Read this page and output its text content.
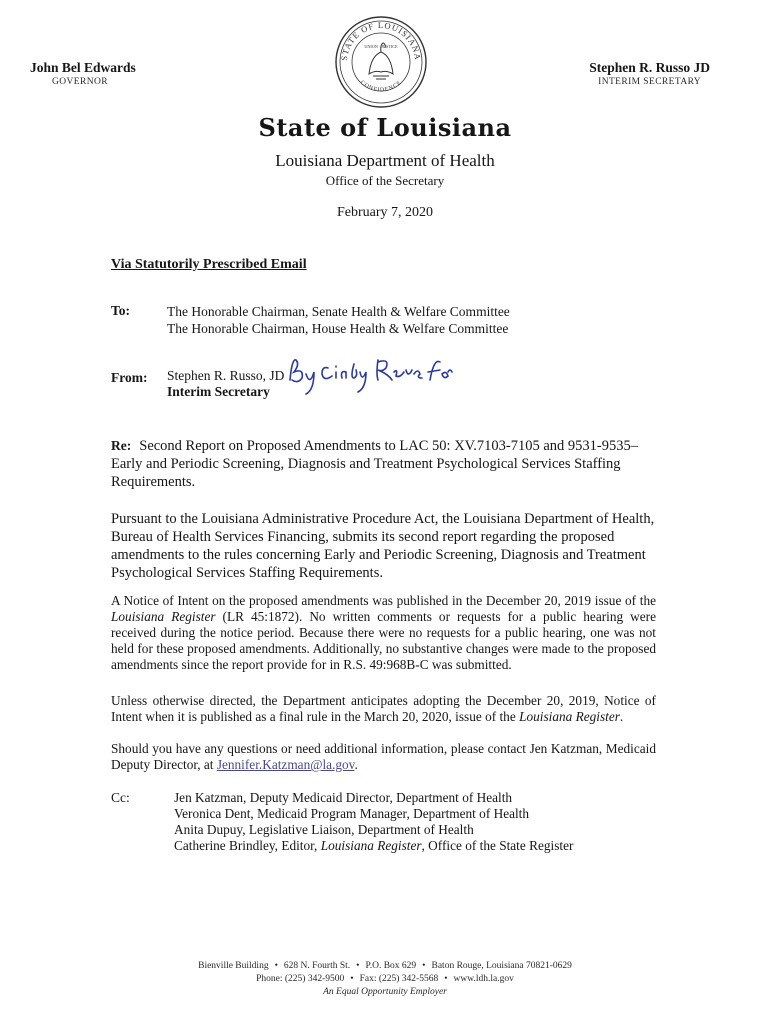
John Bel Edwards
GOVERNOR
STATE OF LOUISIANA
CONFIDENCE
UNION · JUSTICE
Stephen R. Russo JD
INTERIM SECRETARY
State of Louisiana
Louisiana Department of Health
Office of the Secretary
February 7, 2020
Via Statutorily Prescribed Email
To:	The Honorable Chairman, Senate Health & Welfare Committee
The Honorable Chairman, House Health & Welfare Committee
From: Stephen R. Russo, JD
Interim Secretary
Re: Second Report on Proposed Amendments to LAC 50: XV.7103-7105 and 9531-9535– Early and Periodic Screening, Diagnosis and Treatment Psychological Services Staffing Requirements.
Pursuant to the Louisiana Administrative Procedure Act, the Louisiana Department of Health, Bureau of Health Services Financing, submits its second report regarding the proposed amendments to the rules concerning Early and Periodic Screening, Diagnosis and Treatment Psychological Services Staffing Requirements.
A Notice of Intent on the proposed amendments was published in the December 20, 2019 issue of the Louisiana Register (LR 45:1872). No written comments or requests for a public hearing were received during the notice period. Because there were no requests for a public hearing, one was not held for these proposed amendments. Additionally, no substantive changes were made to the proposed amendments since the report provide for in R.S. 49:968B-C was submitted.
Unless otherwise directed, the Department anticipates adopting the December 20, 2019, Notice of Intent when it is published as a final rule in the March 20, 2020, issue of the Louisiana Register.
Should you have any questions or need additional information, please contact Jen Katzman, Medicaid Deputy Director, at Jennifer.Katzman@la.gov.
Cc:	Jen Katzman, Deputy Medicaid Director, Department of Health
Veronica Dent, Medicaid Program Manager, Department of Health
Anita Dupuy, Legislative Liaison, Department of Health
Catherine Brindley, Editor, Louisiana Register, Office of the State Register
Bienville Building • 628 N. Fourth St. • P.O. Box 629 • Baton Rouge, Louisiana 70821-0629
Phone: (225) 342-9500 • Fax: (225) 342-5568 • www.ldh.la.gov
An Equal Opportunity Employer
